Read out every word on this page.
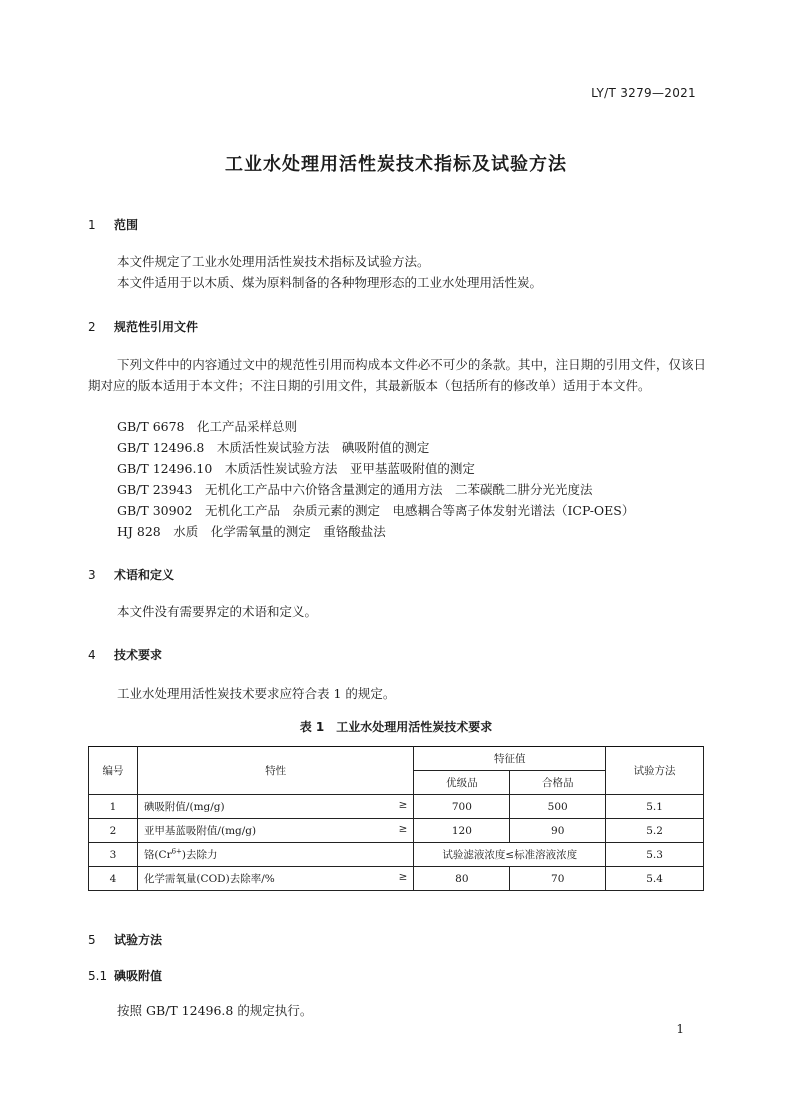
LY/T 3279—2021
工业水处理用活性炭技术指标及试验方法
1 范围
本文件规定了工业水处理用活性炭技术指标及试验方法。
本文件适用于以木质、煤为原料制备的各种物理形态的工业水处理用活性炭。
2 规范性引用文件
下列文件中的内容通过文中的规范性引用而构成本文件必不可少的条款。其中，注日期的引用文件，仅该日期对应的版本适用于本文件；不注日期的引用文件，其最新版本（包括所有的修改单）适用于本文件。
GB/T 6678　化工产品采样总则
GB/T 12496.8　木质活性炭试验方法　碘吸附值的测定
GB/T 12496.10　木质活性炭试验方法　亚甲基蓝吸附值的测定
GB/T 23943　无机化工产品中六价铬含量测定的通用方法　二苯碳酰二肼分光光度法
GB/T 30902　无机化工产品　杂质元素的测定　电感耦合等离子体发射光谱法（ICP-OES）
HJ 828　水质　化学需氧量的测定　重铬酸盐法
3 术语和定义
本文件没有需要界定的术语和定义。
4 技术要求
工业水处理用活性炭技术要求应符合表 1 的规定。
表 1　工业水处理用活性炭技术要求
编号	特性	特征值		试验方法
		优级品	合格品	
1	碘吸附值/(mg/g) ≥	700	500	5.1
2	亚甲基蓝吸附值/(mg/g) ≥	120	90	5.2
3	铬$(Cr^{6+})$去除力	试验滤液浓度≤标准溶液浓度		5.3
4	化学需氧量(COD)去除率/% ≥	80	70	5.4
5 试验方法
5.1 碘吸附值
按照 GB/T 12496.8 的规定执行。
1
